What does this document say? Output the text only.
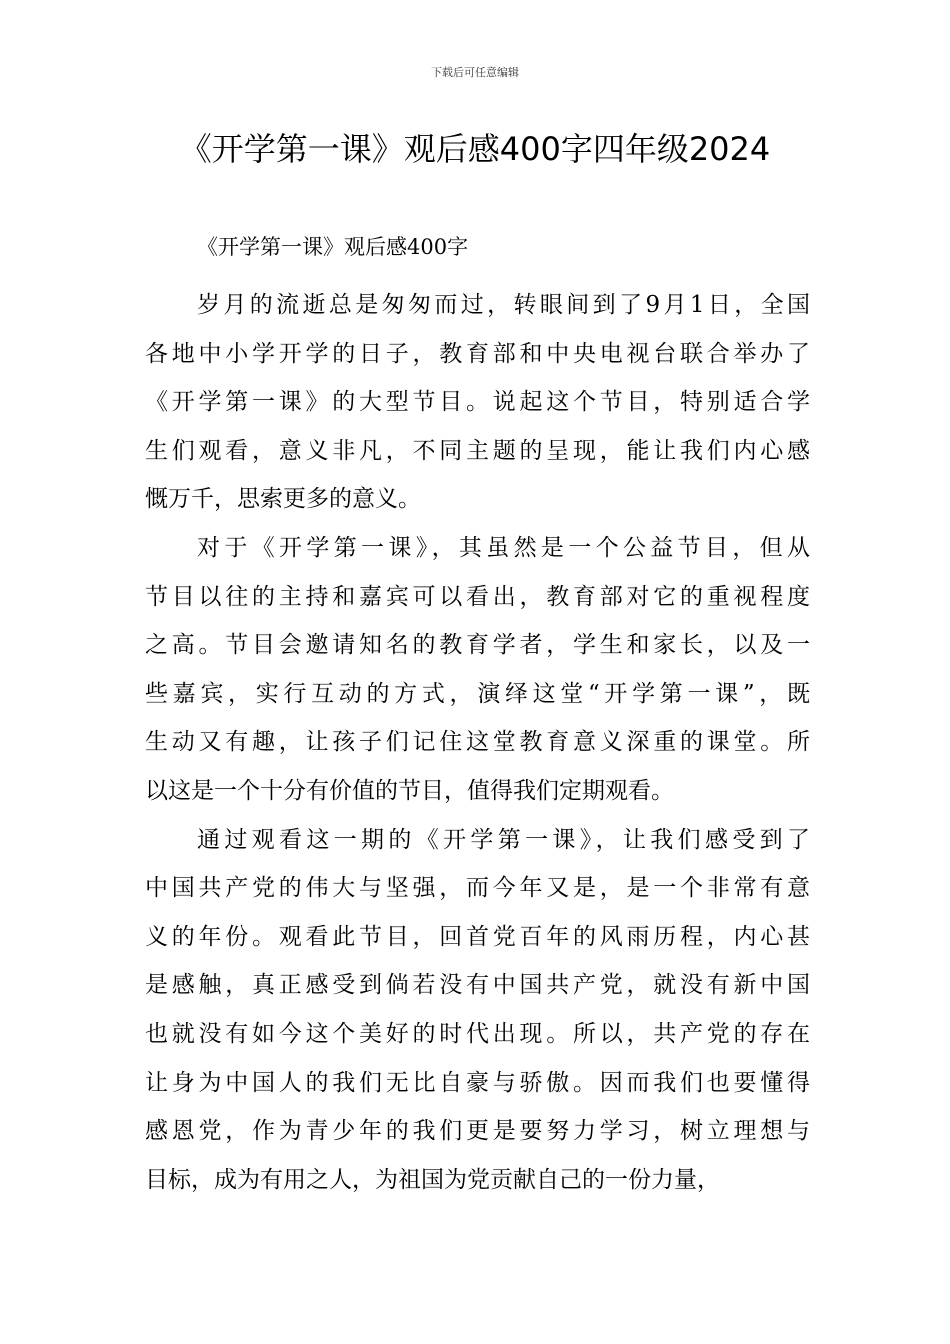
下载后可任意编辑
《开学第一课》观后感400字四年级2024
《开学第一课》观后感400字

岁月的流逝总是匆匆而过，转眼间到了9月1日，全国
各地中小学开学的日子，教育部和中央电视台联合举办了
《开学第一课》的大型节目。说起这个节目，特别适合学
生们观看，意义非凡，不同主题的呈现，能让我们内心感
慨万千，思索更多的意义。

对于《开学第一课》，其虽然是一个公益节目，但从
节目以往的主持和嘉宾可以看出，教育部对它的重视程度
之高。节目会邀请知名的教育学者，学生和家长，以及一
些嘉宾，实行互动的方式，演绎这堂“开学第一课”，既
生动又有趣，让孩子们记住这堂教育意义深重的课堂。所
以这是一个十分有价值的节目，值得我们定期观看。

通过观看这一期的《开学第一课》，让我们感受到了
中国共产党的伟大与坚强，而今年又是，是一个非常有意
义的年份。观看此节目，回首党百年的风雨历程，内心甚
是感触，真正感受到倘若没有中国共产党，就没有新中国
也就没有如今这个美好的时代出现。所以，共产党的存在
让身为中国人的我们无比自豪与骄傲。因而我们也要懂得
感恩党，作为青少年的我们更是要努力学习，树立理想与
目标，成为有用之人，为祖国为党贡献自己的一份力量，
